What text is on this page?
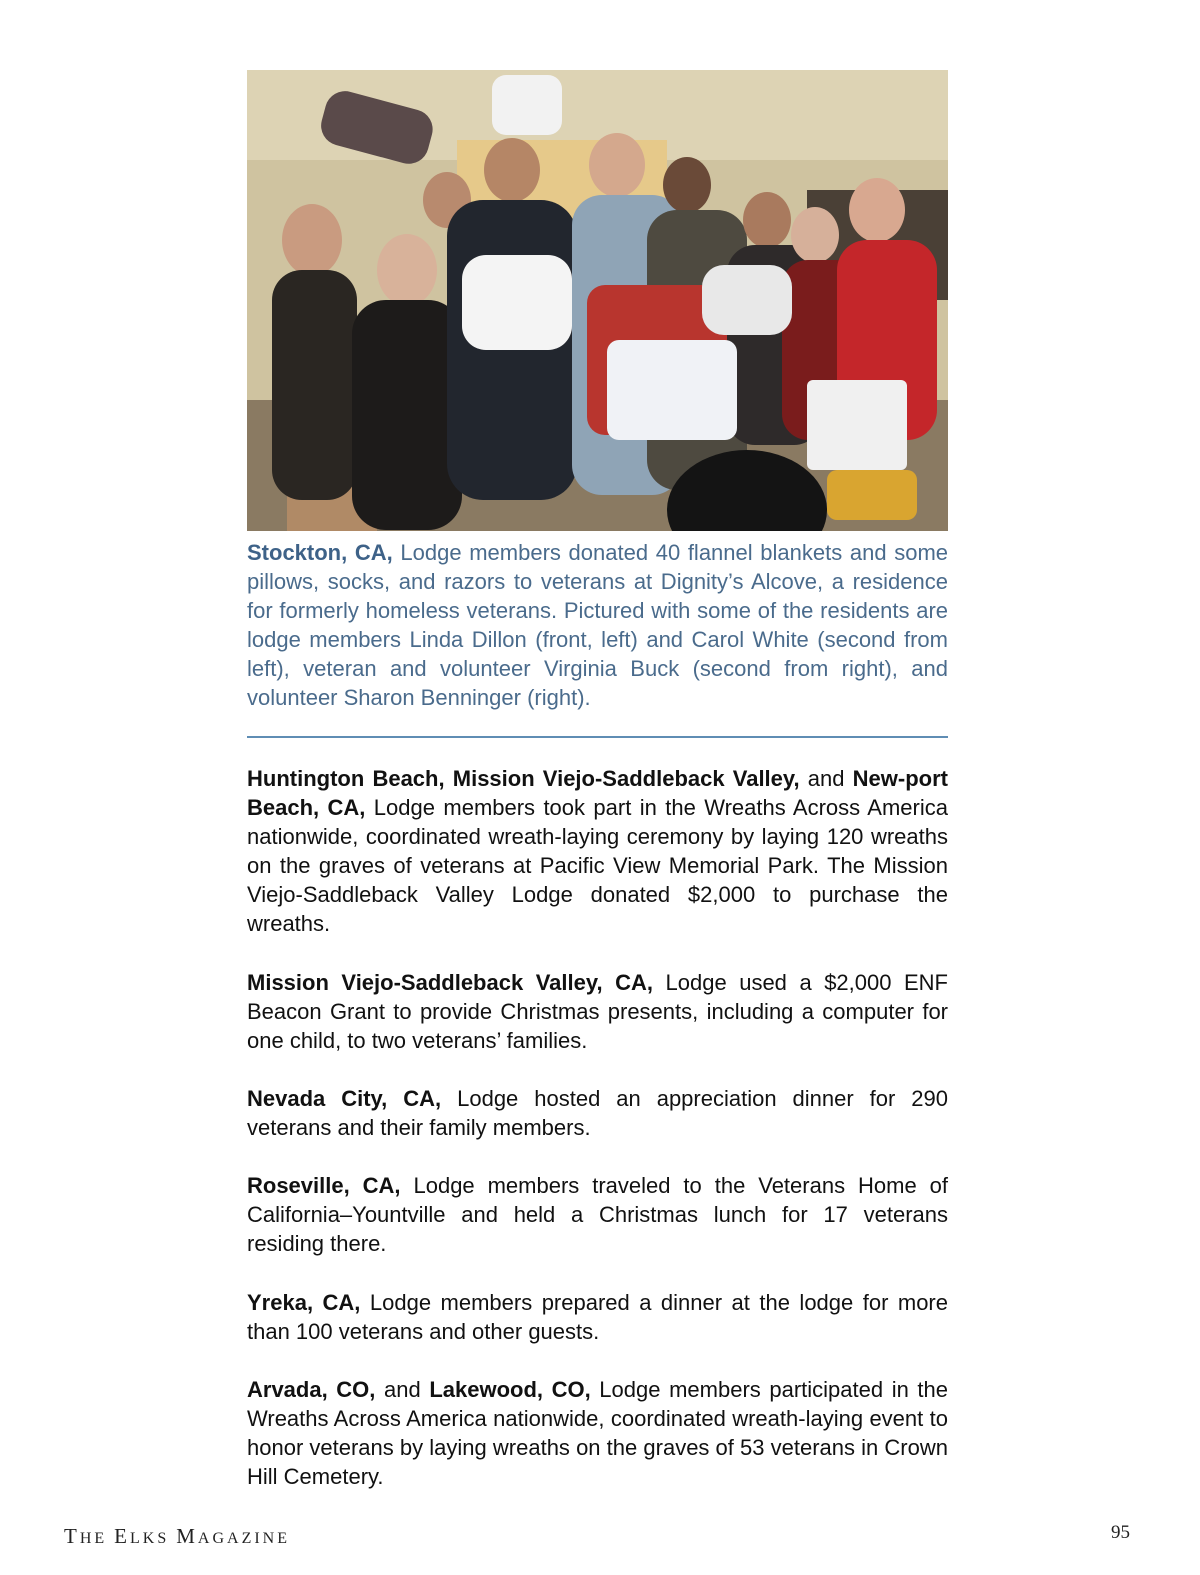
Stockton, CA, Lodge members donated 40 flannel blankets and some pillows, socks, and razors to veterans at Dignity’s Alcove, a residence for formerly homeless veterans. Pictured with some of the residents are lodge members Linda Dillon (front, left) and Carol White (second from left), veteran and volunteer Virginia Buck (second from right), and volunteer Sharon Benninger (right).

Huntington Beach, Mission Viejo-Saddleback Valley, and New-port Beach, CA, Lodge members took part in the Wreaths Across America nationwide, coordinated wreath-laying ceremony by laying 120 wreaths on the graves of veterans at Pacific View Memorial Park. The Mission Viejo-Saddleback Valley Lodge donated $2,000 to purchase the wreaths.

Mission Viejo-Saddleback Valley, CA, Lodge used a $2,000 ENF Beacon Grant to provide Christmas presents, including a computer for one child, to two veterans’ families.

Nevada City, CA, Lodge hosted an appreciation dinner for 290 veterans and their family members.

Roseville, CA, Lodge members traveled to the Veterans Home of California–Yountville and held a Christmas lunch for 17 veterans residing there.

Yreka, CA, Lodge members prepared a dinner at the lodge for more than 100 veterans and other guests.

Arvada, CO, and Lakewood, CO, Lodge members participated in the Wreaths Across America nationwide, coordinated wreath-laying event to honor veterans by laying wreaths on the graves of 53 veterans in Crown Hill Cemetery.

THE ELKS MAGAZINE	95
